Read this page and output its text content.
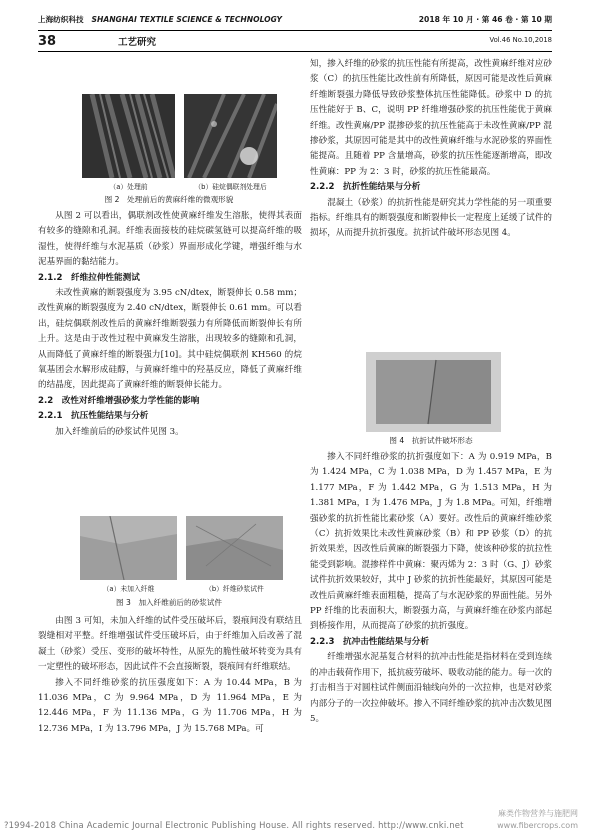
上海纺织科技 SHANGHAI TEXTILE SCIENCE & TECHNOLOGY	2018 年 10 月 · 第 46 卷 · 第 10 期
38	工艺研究	Vol.46 No.10,2018
（a）处理前	（b）硅烷偶联剂处理后
图 2　处理前后的黄麻纤维的微观形貌

从图 2 可以看出，偶联剂改性使黄麻纤维发生溶胀，使得其表面有较多的缝隙和孔洞。纤维表面接枝的硅烷碳氢链可以提高纤维的吸湿性，使得纤维与水泥基质（砂浆）界面形成化学键，增强纤维与水泥基界面的黏结能力。

2.1.2　纤维拉伸性能测试

未改性黄麻的断裂强度为 3.95 cN/dtex，断裂伸长 0.58 mm；改性黄麻的断裂强度为 2.40 cN/dtex，断裂伸长 0.61 mm。可以看出，硅烷偶联剂改性后的黄麻纤维断裂强力有所降低而断裂伸长有所上升。这是由于改性过程中黄麻发生溶胀，出现较多的缝隙和孔洞，从而降低了黄麻纤维的断裂强力[10]。其中硅烷偶联剂 KH560 的烷氧基团会水解形成硅醇，与黄麻纤维中的羟基反应，降低了黄麻纤维的结晶度，因此提高了黄麻纤维的断裂伸长能力。

2.2　改性对纤维增强砂浆力学性能的影响
2.2.1　抗压性能结果与分析

加入纤维前后的砂浆试件见图 3。

（a）未加入纤维	（b）纤维砂浆试件
图 3　加入纤维前后的砂浆试件

由图 3 可知，未加入纤维的试件受压破坏后，裂痕间没有联结且裂缝相对平整。纤维增强试件受压破坏后，由于纤维加入后改善了混凝土（砂浆）受压、变形的破坏特性，从原先的脆性破坏转变为具有一定塑性的破坏形态，因此试件不会直接断裂，裂痕间有纤维联结。

掺入不同纤维砂浆的抗压强度如下：A 为 10.44 MPa，B 为 11.036 MPa，C 为 9.964 MPa，D 为 11.964 MPa，E 为 12.446 MPa，F 为 11.136 MPa，G 为 11.706 MPa，H 为 12.736 MPa，I 为 13.796 MPa，J 为 15.768 MPa。可

知，掺入纤维的砂浆的抗压性能有所提高，改性黄麻纤维对应砂浆（C）的抗压性能比改性前有所降低，原因可能是改性后黄麻纤维断裂强力降低导致砂浆整体抗压性能降低。砂浆中 D 的抗压性能好于 B、C，说明 PP 纤维增强砂浆的抗压性能优于黄麻纤维。改性黄麻/PP 混掺砂浆的抗压性能高于未改性黄麻/PP 混掺砂浆，其原因可能是其中的改性黄麻纤维与水泥砂浆的界面性能提高。且随着 PP 含量增高，砂浆的抗压性能逐渐增高，即改性黄麻：PP 为 2：3 时，砂浆的抗压性能最高。

2.2.2　抗折性能结果与分析

混凝土（砂浆）的抗折性能是研究其力学性能的另一项重要指标。纤维具有的断裂强度和断裂伸长一定程度上延缓了试件的损坏，从而提升抗折强度。抗折试件破坏形态见图 4。

图 4　抗折试件破坏形态

掺入不同纤维砂浆的抗折强度如下：A 为 0.919 MPa，B 为 1.424 MPa，C 为 1.038 MPa，D 为 1.457 MPa，E 为 1.177 MPa，F 为 1.442 MPa，G 为 1.513 MPa，H 为 1.381 MPa，I 为 1.476 MPa，J 为 1.8 MPa。可知，纤维增强砂浆的抗折性能比素砂浆（A）要好。改性后的黄麻纤维砂浆（C）抗折效果比未改性黄麻砂浆（B）和 PP 砂浆（D）的抗折效果差，因改性后黄麻的断裂强力下降，使该种砂浆的抗拉性能受到影响。混掺样件中黄麻：聚丙烯为 2：3 时（G、J）砂浆试件抗折效果较好，其中 J 砂浆的抗折性能最好，其原因可能是改性后黄麻纤维表面粗糙，提高了与水泥砂浆的界面性能。另外 PP 纤维的比表面积大，断裂强力高，与黄麻纤维在砂浆内部起到桥接作用，从而提高了砂浆的抗折强度。

2.2.3　抗冲击性能结果与分析

纤维增强水泥基复合材料的抗冲击性能是指材料在受到连续的冲击载荷作用下，抵抗疲劳破坏、吸收动能的能力。每一次的打击相当于对圆柱试件侧面沿轴线向外的一次拉伸，也是对砂浆内部分子的一次拉伸破坏。掺入不同纤维砂浆的抗冲击次数见图 5。

?1994-2018 China Academic Journal Electronic Publishing House. All rights reserved. http://www.cnki.net
麻类作物营养与施肥网
www.fibercrops.com
